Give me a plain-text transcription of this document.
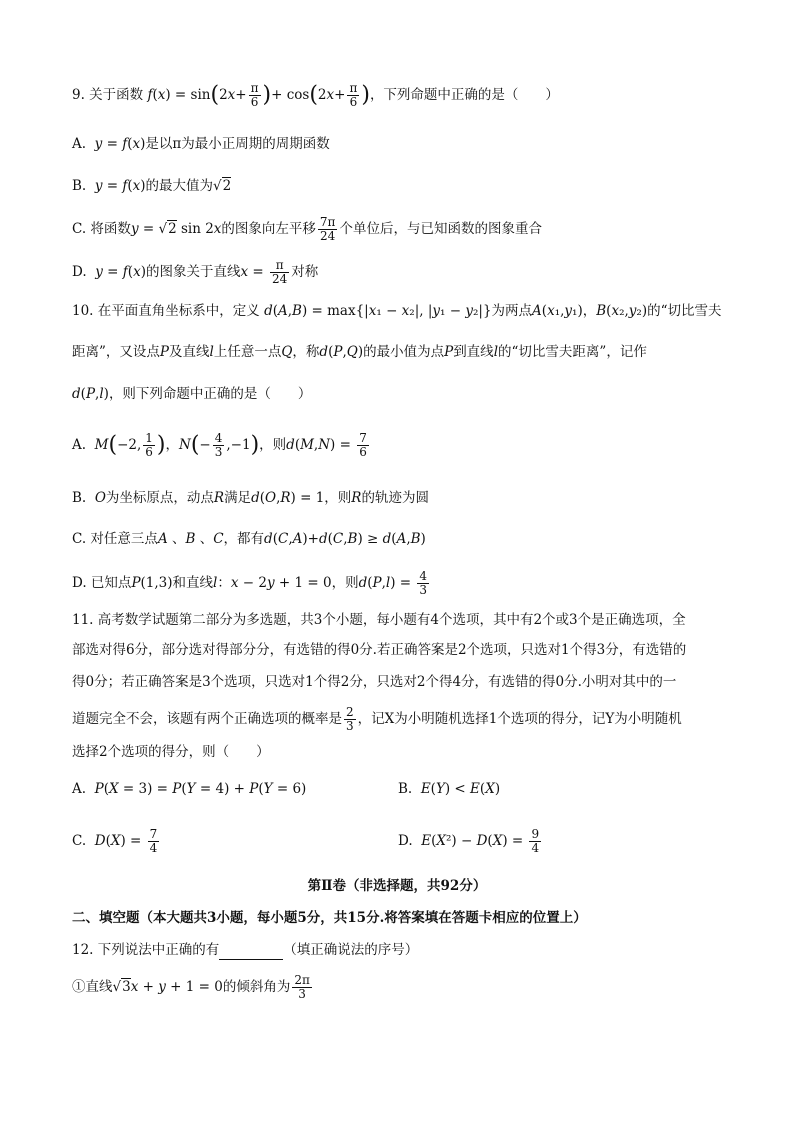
9. 关于函数 $f(x) = \sin(2x+ \frac{\pi}{6}$ )+ $\cos(2x+ \frac{\pi}{6}$ )，下列命题中正确的是（　　）
A. y = f(x)是以π为最小正周期的周期函数
B. y = f(x)的最大值为√2
C. 将函数y = √2 sin 2x的图象向左平移 $\frac{7\pi}{24}$ 个单位后，与已知函数的图象重合
D. y = f(x)的图象关于直线$x = \frac{\pi}{24}$ 对称
10. 在平面直角坐标系中，定义 d(A,B) = max{|x₁ − x₂|, |y₁ − y₂|}为两点A(x₁,y₁)，B(x₂,y₂)的“切比雪夫
距离”，又设点P及直线l上任意一点Q，称d(P,Q)的最小值为点P到直线l的“切比雪夫距离”，记作
d(P,l)，则下列命题中正确的是（　　）
A. M(−2, $\frac{1}{6}$ )，$N(- \frac{4}{3} ,-1)$，则$d(M,N) = \frac{7}{6}$
B. O为坐标原点，动点R满足d(O,R) = 1，则R的轨迹为圆
C. 对任意三点A 、B 、C，都有d(C,A)+d(C,B) ≥ d(A,B)
D. 已知点P(1,3)和直线l：x − 2y + 1 = 0，则$d(P,l) = \frac{4}{3}$
11. 高考数学试题第二部分为多选题，共3个小题，每小题有4个选项，其中有2个或3个是正确选项，全
部选对得6分，部分选对得部分分，有选错的得0分.若正确答案是2个选项，只选对1个得3分，有选错的
得0分；若正确答案是3个选项，只选对1个得2分，只选对2个得4分，有选错的得0分.小明对其中的一
道题完全不会，该题有两个正确选项的概率是 $\frac{2}{3}$ ，记X为小明随机选择1个选项的得分，记Y为小明随机
选择2个选项的得分，则（　　）
A. P(X = 3) = P(Y = 4) + P(Y = 6)	B. E(Y) < E(X)
C. $D(X) = \frac{7}{4}$	D. $E(X^2) - D(X) = \frac{9}{4}$
第Ⅱ卷（非选择题，共92分）
二、填空题（本大题共3小题，每小题5分，共15分.将答案填在答题卡相应的位置上）
12. 下列说法中正确的有	（填正确说法的序号）
①直线√3x + y + 1 = 0的倾斜角为 $\frac{2\pi}{3}$
